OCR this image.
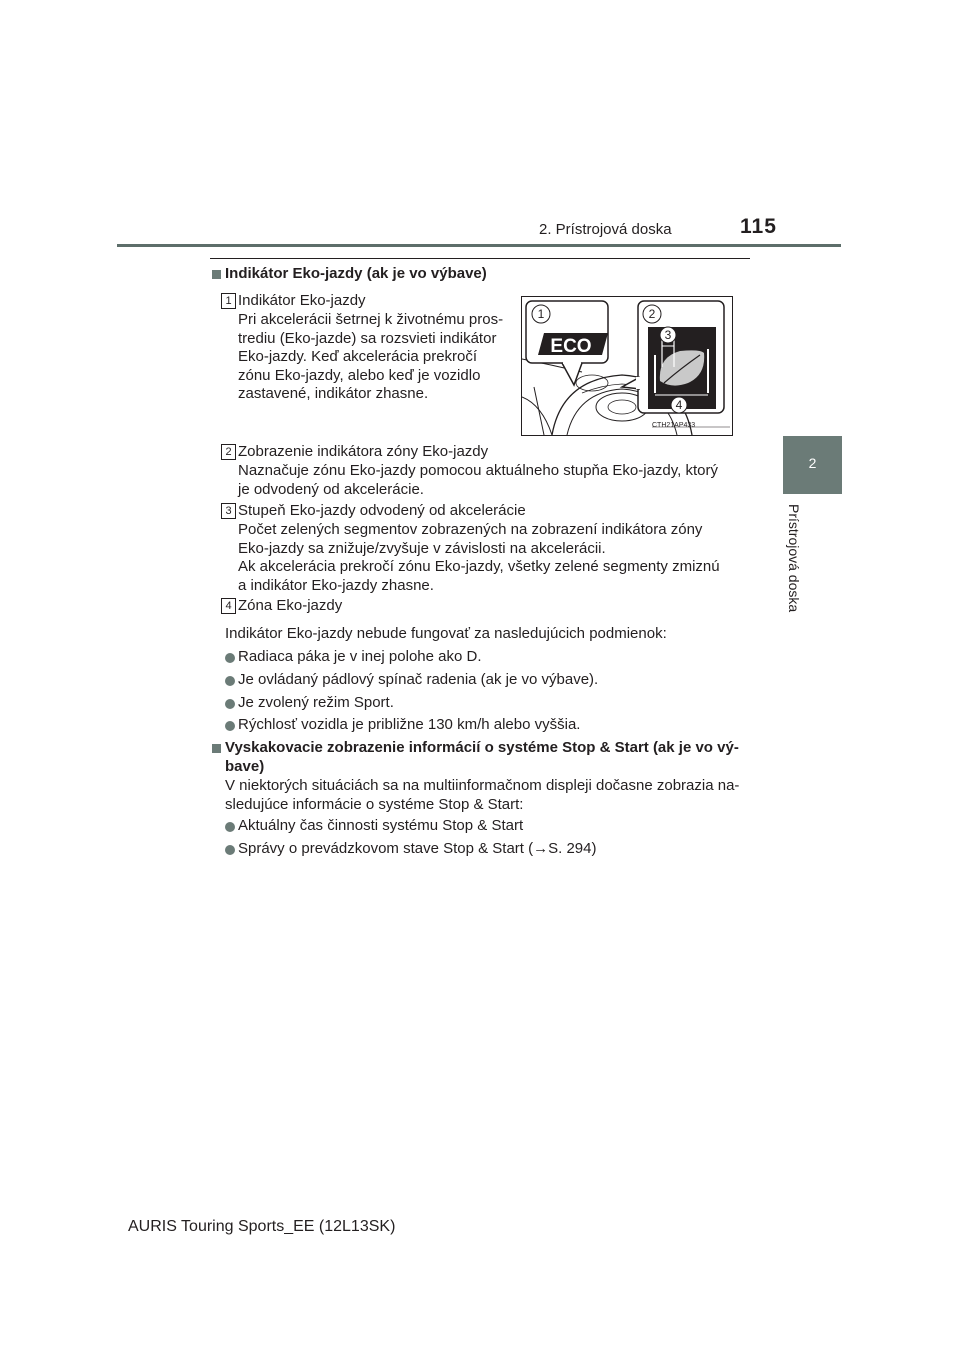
2. Prístrojová doska	115
2
Prístrojová doska
Indikátor Eko-jazdy (ak je vo výbave)
1 Indikátor Eko-jazdy
Pri akcelerácii šetrnej k životnému pros-
trediu (Eko-jazde) sa rozsvieti indikátor
Eko-jazdy. Keď akcelerácia prekročí
zónu Eko-jazdy, alebo keď je vozidlo
zastavené, indikátor zhasne.
ECO
1	2
3
4
CTH21AP433
2 Zobrazenie indikátora zóny Eko-jazdy
Naznačuje zónu Eko-jazdy pomocou aktuálneho stupňa Eko-jazdy, ktorý
je odvodený od akcelerácie.
3 Stupeň Eko-jazdy odvodený od akcelerácie
Počet zelených segmentov zobrazených na zobrazení indikátora zóny
Eko-jazdy sa znižuje/zvyšuje v závislosti na akcelerácii.
Ak akcelerácia prekročí zónu Eko-jazdy, všetky zelené segmenty zmiznú
a indikátor Eko-jazdy zhasne.
4 Zóna Eko-jazdy
Indikátor Eko-jazdy nebude fungovať za nasledujúcich podmienok:
Radiaca páka je v inej polohe ako D.
Je ovládaný pádlový spínač radenia (ak je vo výbave).
Je zvolený režim Sport.
Rýchlosť vozidla je približne 130 km/h alebo vyššia.
Vyskakovacie zobrazenie informácií o systéme Stop & Start (ak je vo vý-
bave)
V niektorých situáciách sa na multiinformačnom displeji dočasne zobrazia na-
sledujúce informácie o systéme Stop & Start:
Aktuálny čas činnosti systému Stop & Start
Správy o prevádzkovom stave Stop & Start (→S. 294)
AURIS Touring Sports_EE (12L13SK)
